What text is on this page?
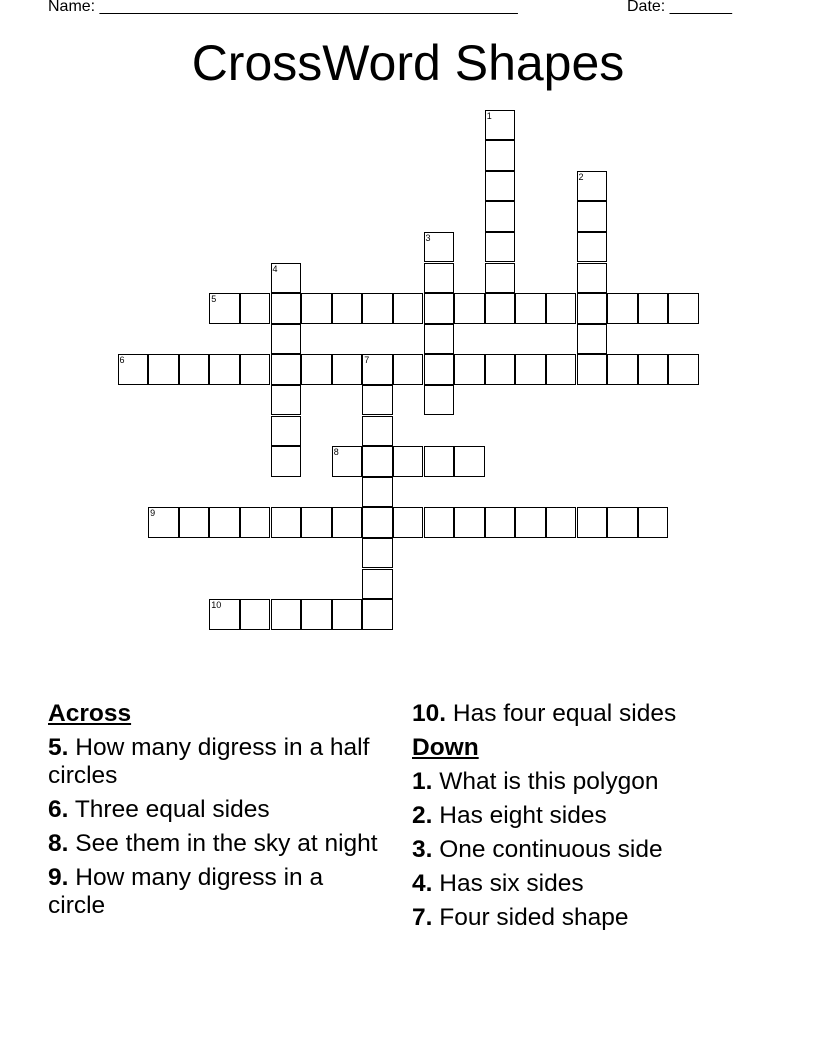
Name: _______________________________________________	Date: _______
CrossWord Shapes
1
2
3
4
5
6	7
8
9
10
Across
5. How many digress in a half circles
6. Three equal sides
8. See them in the sky at night
9. How many digress in a circle
10. Has four equal sides
Down
1. What is this polygon
2. Has eight sides
3. One continuous side
4. Has six sides
7. Four sided shape
